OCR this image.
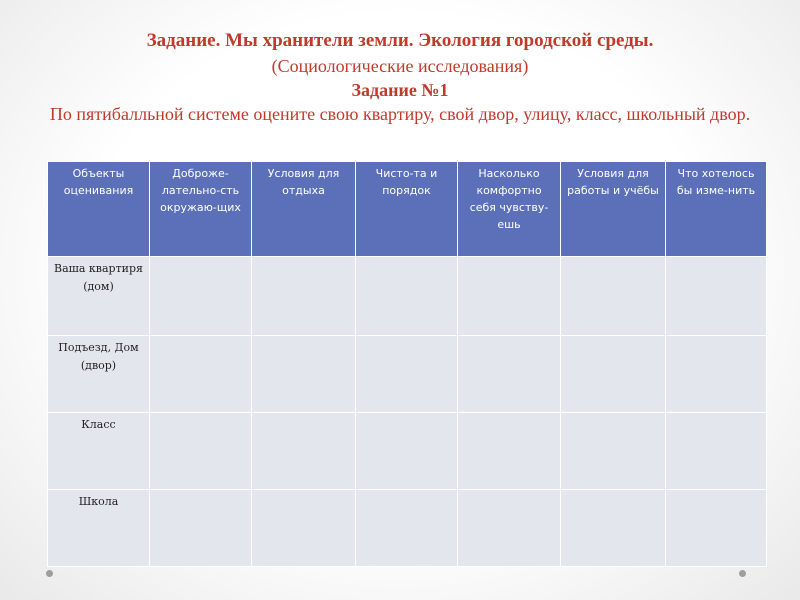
Задание. Мы хранители земли. Экология городской среды.
(Социологические исследования)
Задание №1
По пятибалльной системе оцените свою квартиру, свой двор, улицу, класс, школьный двор.
Объекты оценивания	Доброже-лательно-сть окружаю-щих	Условия для отдыха	Чисто-та и порядок	Насколько комфортно себя чувству-ешь	Условия для работы и учёбы	Что хотелось бы изме-нить
Ваша квартиря (дом)						
Подъезд, Дом (двор)						
Класс						
Школа						
